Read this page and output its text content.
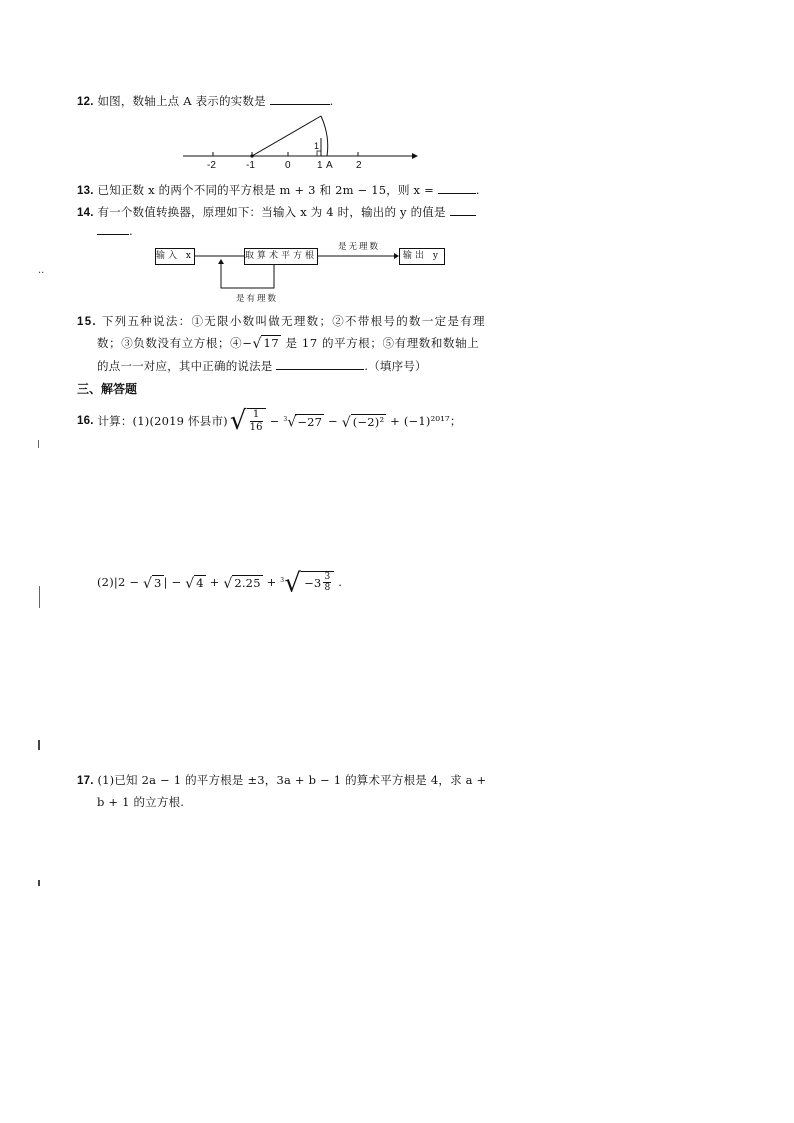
12. 如图，数轴上点 A 表示的实数是	.
-2	-1	0	1 A 2
1
13. 已知正数 x 的两个不同的平方根是 m + 3 和 2m − 15，则 x =	.
14. 有一个数值转换器，原理如下：当输入 x 为 4 时，输出的 y 的值是
.
输入 x	取算术平方根	输出 y
是无理数
是有理数
15. 下列五种说法：①无限小数叫做无理数；②不带根号的数一定是有理
数；③负数没有立方根；④− √ 17 是 17 的平方根；⑤有理数和数轴上
的点一一对应，其中正确的说法是	.（填序号）
三、解答题
16.
计算：(1)(2019 怀县市) √ $\frac{1}{16}$
−
$^3$√ −27
−
√ (−2)²
+ (−1)²⁰¹⁷；
(2)|2 −
√ 3 | −
√ 4
+
√ 2.25
+
$^3√ -3 \frac{3}{8}$
.
17. (1)已知 2a − 1 的平方根是 ±3，3a + b − 1 的算术平方根是 4，求 a +
b + 1 的立方根.
··
